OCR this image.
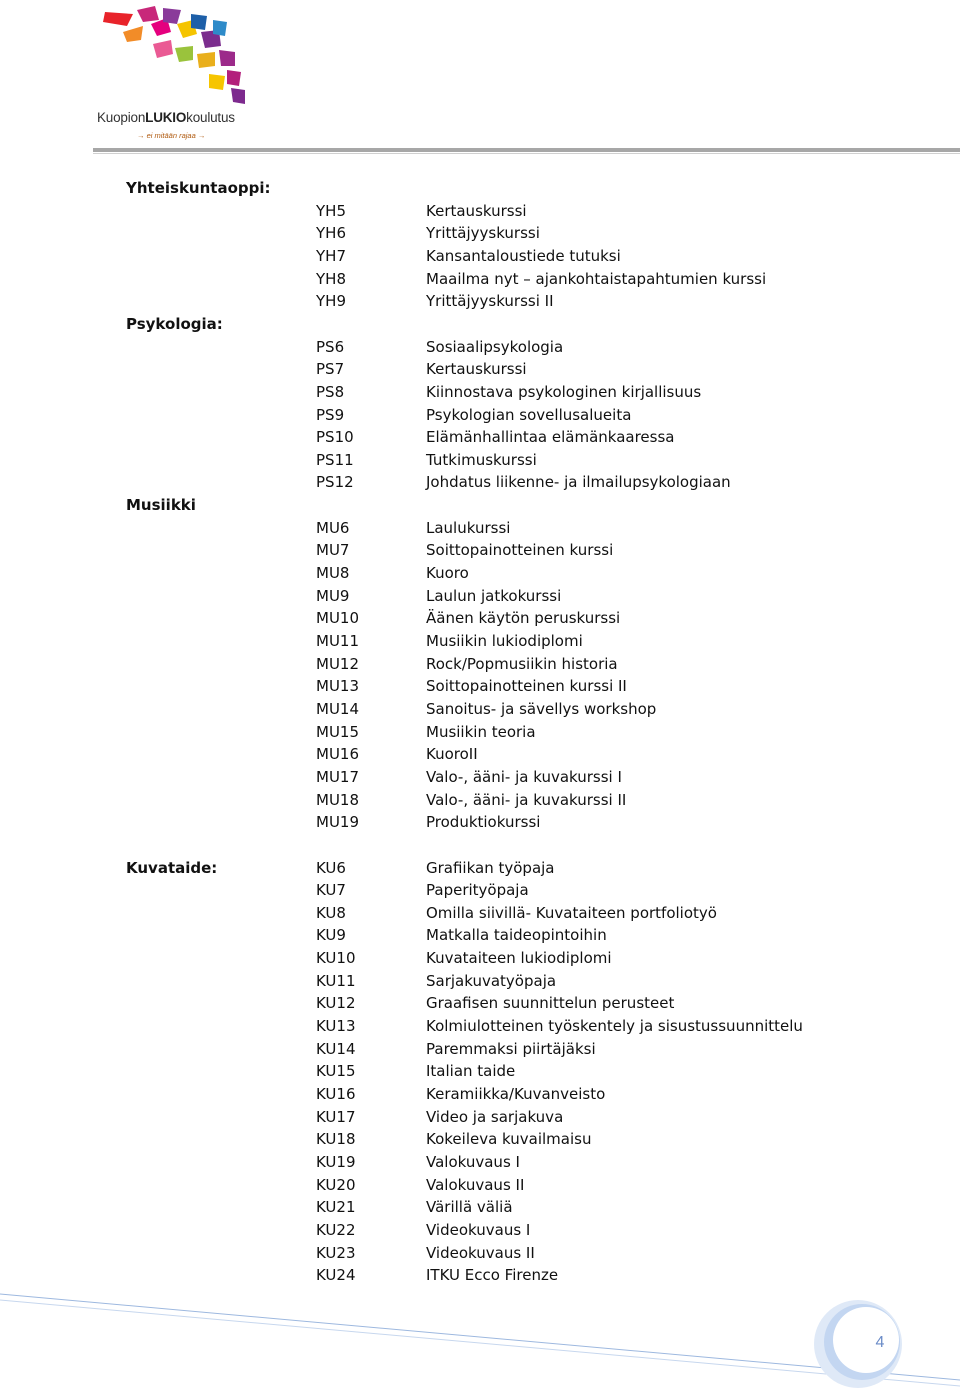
KuopionLUKIOkoulutus
→ ei mitään rajaa →
Yhteiskuntaoppi:
YH5	Kertauskurssi
YH6	Yrittäjyyskurssi
YH7	Kansantaloustiede tutuksi
YH8	Maailma nyt – ajankohtaistapahtumien kurssi
YH9	Yrittäjyyskurssi II
Psykologia:
PS6	Sosiaalipsykologia
PS7	Kertauskurssi
PS8	Kiinnostava psykologinen kirjallisuus
PS9	Psykologian sovellusalueita
PS10	Elämänhallintaa elämänkaaressa
PS11	Tutkimuskurssi
PS12	Johdatus liikenne- ja ilmailupsykologiaan
Musiikki
MU6	Laulukurssi
MU7	Soittopainotteinen kurssi
MU8	Kuoro
MU9	Laulun jatkokurssi
MU10	Äänen käytön peruskurssi
MU11	Musiikin lukiodiplomi
MU12	Rock/Popmusiikin historia
MU13	Soittopainotteinen kurssi II
MU14	Sanoitus- ja sävellys workshop
MU15	Musiikin teoria
MU16	KuoroII
MU17	Valo-, ääni- ja kuvakurssi I
MU18	Valo-, ääni- ja kuvakurssi II
MU19	Produktiokurssi
Kuvataide:	KU6	Grafiikan työpaja
KU7	Paperityöpaja
KU8	Omilla siivillä- Kuvataiteen portfoliotyö
KU9	Matkalla taideopintoihin
KU10	Kuvataiteen lukiodiplomi
KU11	Sarjakuvatyöpaja
KU12	Graafisen suunnittelun perusteet
KU13	Kolmiulotteinen työskentely ja sisustussuunnittelu
KU14	Paremmaksi piirtäjäksi
KU15	Italian taide
KU16	Keramiikka/Kuvanveisto
KU17	Video ja sarjakuva
KU18	Kokeileva kuvailmaisu
KU19	Valokuvaus I
KU20	Valokuvaus II
KU21	Värillä väliä
KU22	Videokuvaus I
KU23	Videokuvaus II
KU24	ITKU Ecco Firenze
4
